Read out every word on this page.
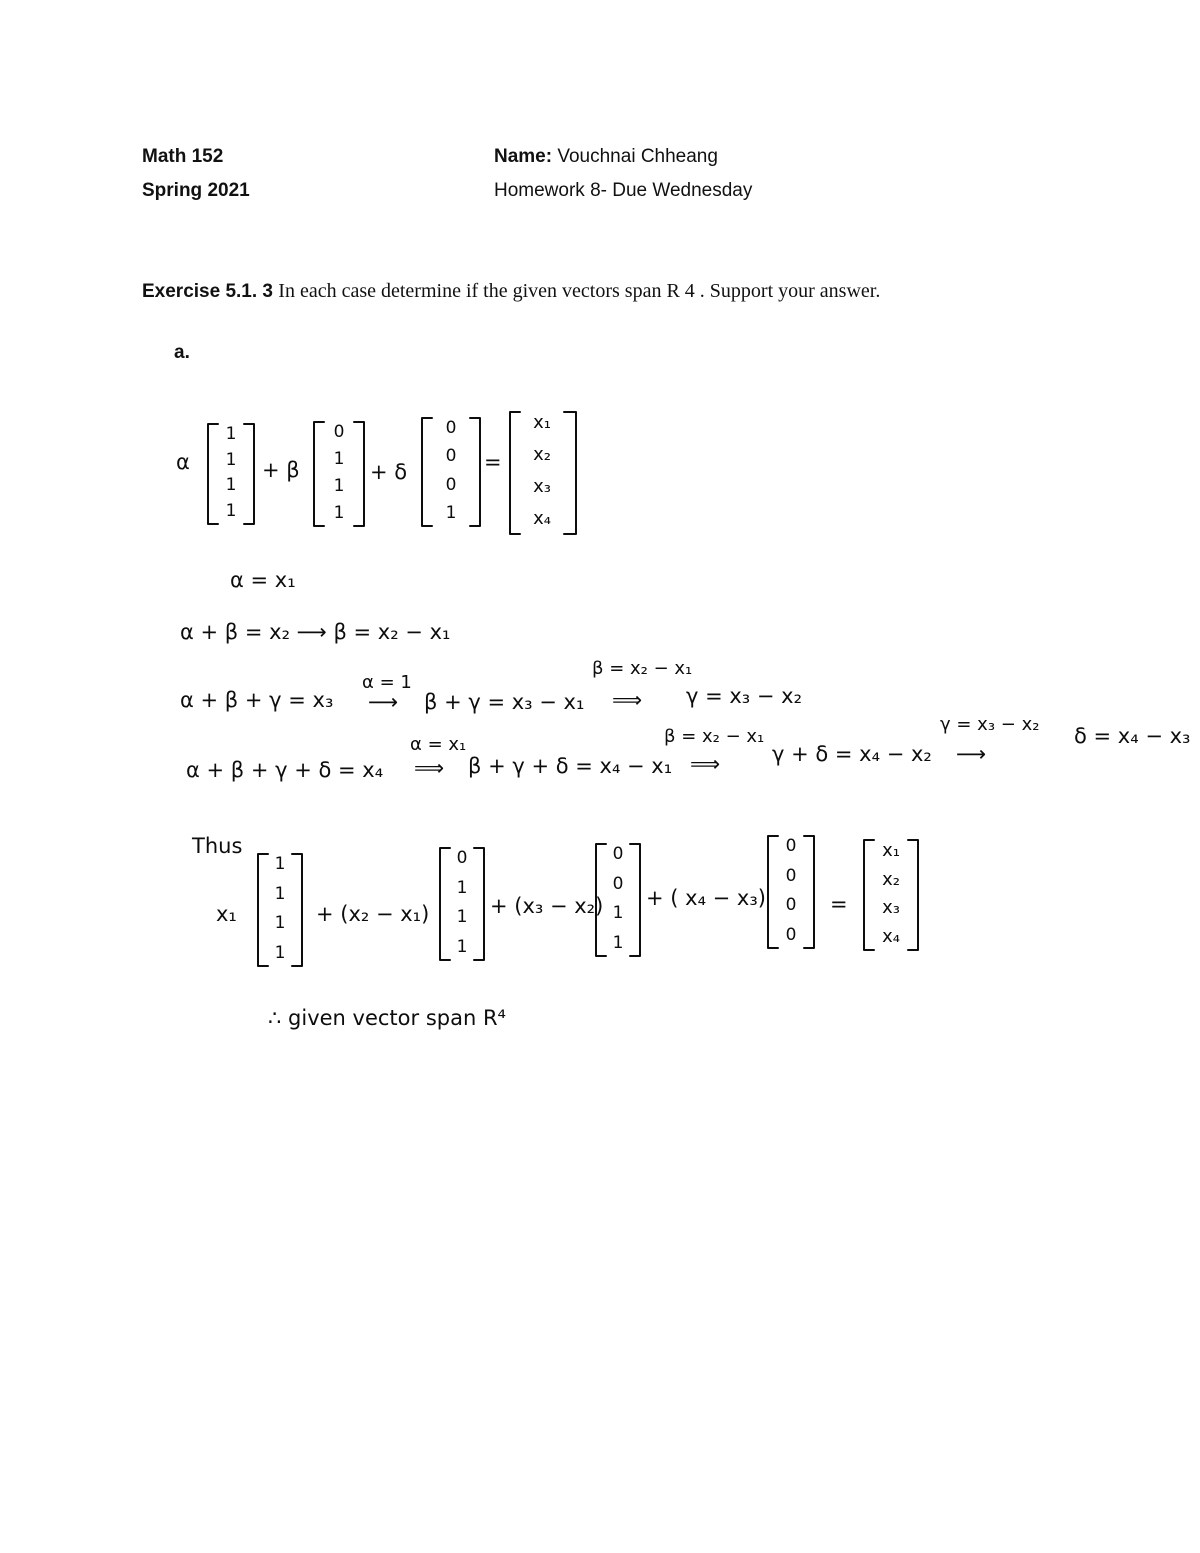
Math 152
Spring 2021
Name: Vouchnai Chheang
Homework 8- Due Wednesday
Exercise 5.1. 3 In each case determine if the given vectors span R 4 . Support your answer.
a.
α
1
1
1
1
+ β
0
1
1
1
+ δ
0
0
0
1
=
x₁
x₂
x₃
x₄
α = x₁
α + β = x₂ ⟶ β = x₂ − x₁
α + β + γ = x₃
α = 1
⟶ β + γ = x₃ − x₁
β = x₂ − x₁
⟹ γ = x₃ − x₂
α + β + γ + δ = x₄
α = x₁
⟹ β + γ + δ = x₄ − x₁
β = x₂ − x₁
⟹ γ + δ = x₄ − x₂
γ = x₃ − x₂
⟶
δ = x₄ − x₃
Thus
x₁
1
1
1
1
+ (x₂ − x₁)
0
1
1
1
+ (x₃ − x₂)
0
0
1
1
+ ( x₄ − x₃)
0
0
0
0
=
x₁
x₂
x₃
x₄
∴ given vector span R⁴
